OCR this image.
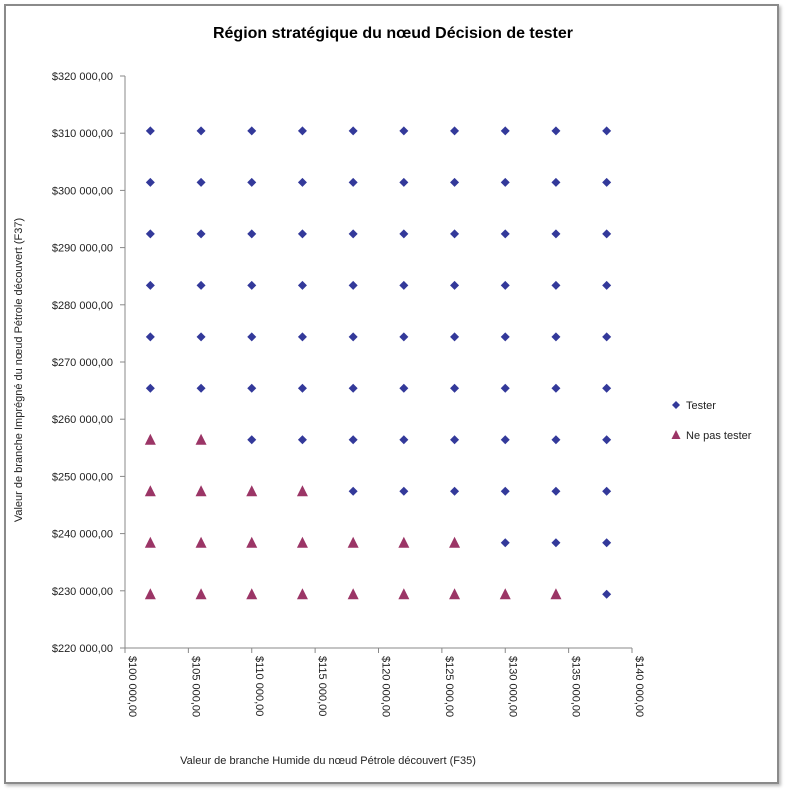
Région stratégique du nœud Décision de tester
Valeur de branche Humide du nœud Pétrole découvert (F35)
Valeur de branche Imprégné du nœud Pétrole découvert (F37)
$220 000,00
$230 000,00
$240 000,00
$250 000,00
$260 000,00
$270 000,00
$280 000,00
$290 000,00
$300 000,00
$310 000,00
$320 000,00
$100 000,00	$105 000,00	$110 000,00	$115 000,00	$120 000,00	$125 000,00	$130 000,00	$135 000,00	$140 000,00
Tester
Ne pas tester
